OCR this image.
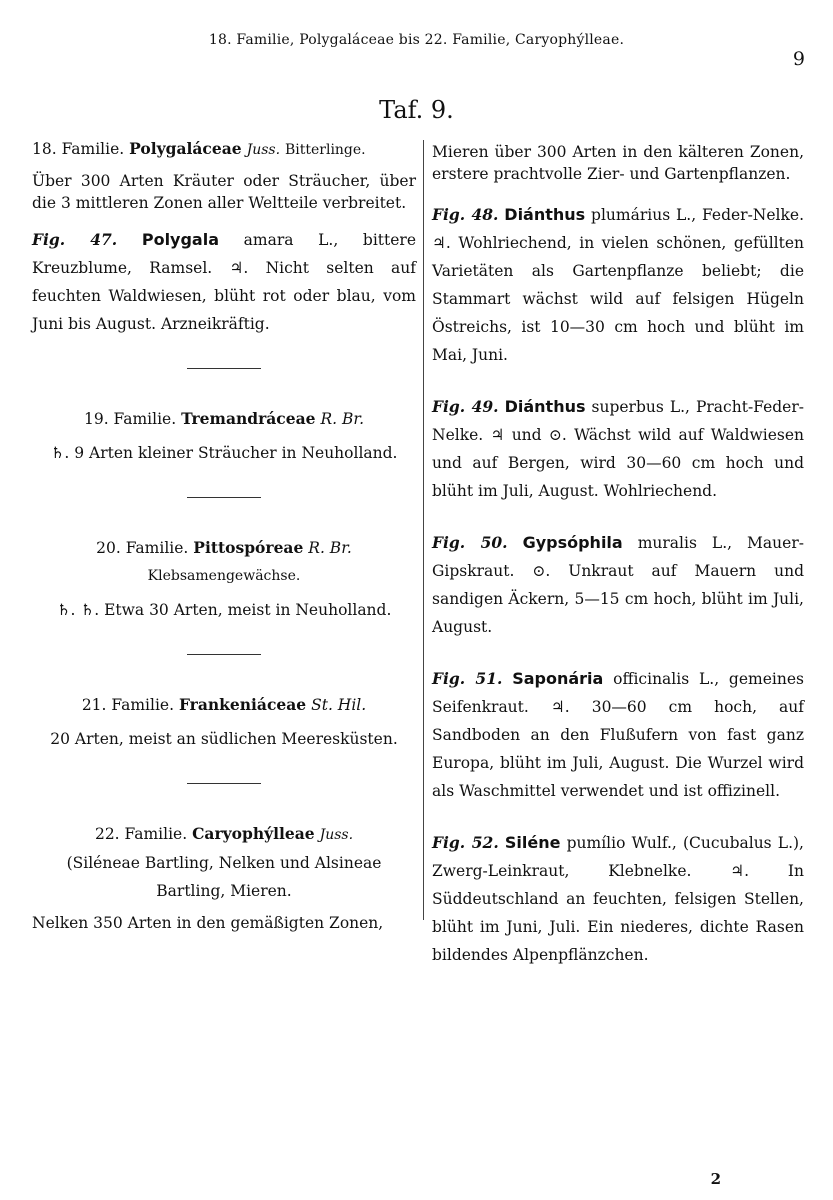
18. Familie, Polygaláceae bis 22. Familie, Caryophýlleae.
9
Taf. 9.

18. Familie. Polygaláceae Juss. Bitterlinge.

Über 300 Arten Kräuter oder Sträucher, über die 3 mittleren Zonen aller Weltteile verbreitet.

Fig. 47. Polygala amara L., bittere Kreuzblume, Ramsel. ♃. Nicht selten auf feuchten Waldwiesen, blüht rot oder blau, vom Juni bis August. Arzneikräftig.

19. Familie. Tremandráceae R. Br.

♄. 9 Arten kleiner Sträucher in Neuholland.

20. Familie. Pittospóreae R. Br.

Klebsamengewächse.

♄. ♄. Etwa 30 Arten, meist in Neuholland.

21. Familie. Frankeniáceae St. Hil.

20 Arten, meist an südlichen Meeresküsten.

22. Familie. Caryophýlleae Juss.

(Siléneae Bartling, Nelken und Alsineae

Bartling, Mieren.

Nelken 350 Arten in den gemäßigten Zonen,

Mieren über 300 Arten in den kälteren Zonen, erstere prachtvolle Zier- und Gartenpflanzen.

Fig. 48. Diánthus plumárius L., Feder-Nelke. ♃. Wohlriechend, in vielen schönen, gefüllten Varietäten als Gartenpflanze beliebt; die Stammart wächst wild auf felsigen Hügeln Östreichs, ist 10—30 cm hoch und blüht im Mai, Juni.

Fig. 49. Diánthus superbus L., Pracht-Feder-Nelke. ♃ und ⊙. Wächst wild auf Waldwiesen und auf Bergen, wird 30—60 cm hoch und blüht im Juli, August. Wohlriechend.

Fig. 50. Gypsóphila muralis L., Mauer-Gipskraut. ⊙. Unkraut auf Mauern und sandigen Äckern, 5—15 cm hoch, blüht im Juli, August.

Fig. 51. Saponária officinalis L., gemeines Seifenkraut. ♃. 30—60 cm hoch, auf Sandboden an den Flußufern von fast ganz Europa, blüht im Juli, August. Die Wurzel wird als Waschmittel verwendet und ist offizinell.

Fig. 52. Siléne pumílio Wulf., (Cucubalus L.), Zwerg-Leinkraut, Klebnelke. ♃. In Süddeutschland an feuchten, felsigen Stellen, blüht im Juni, Juli. Ein niederes, dichte Rasen bildendes Alpenpflänzchen.

2
